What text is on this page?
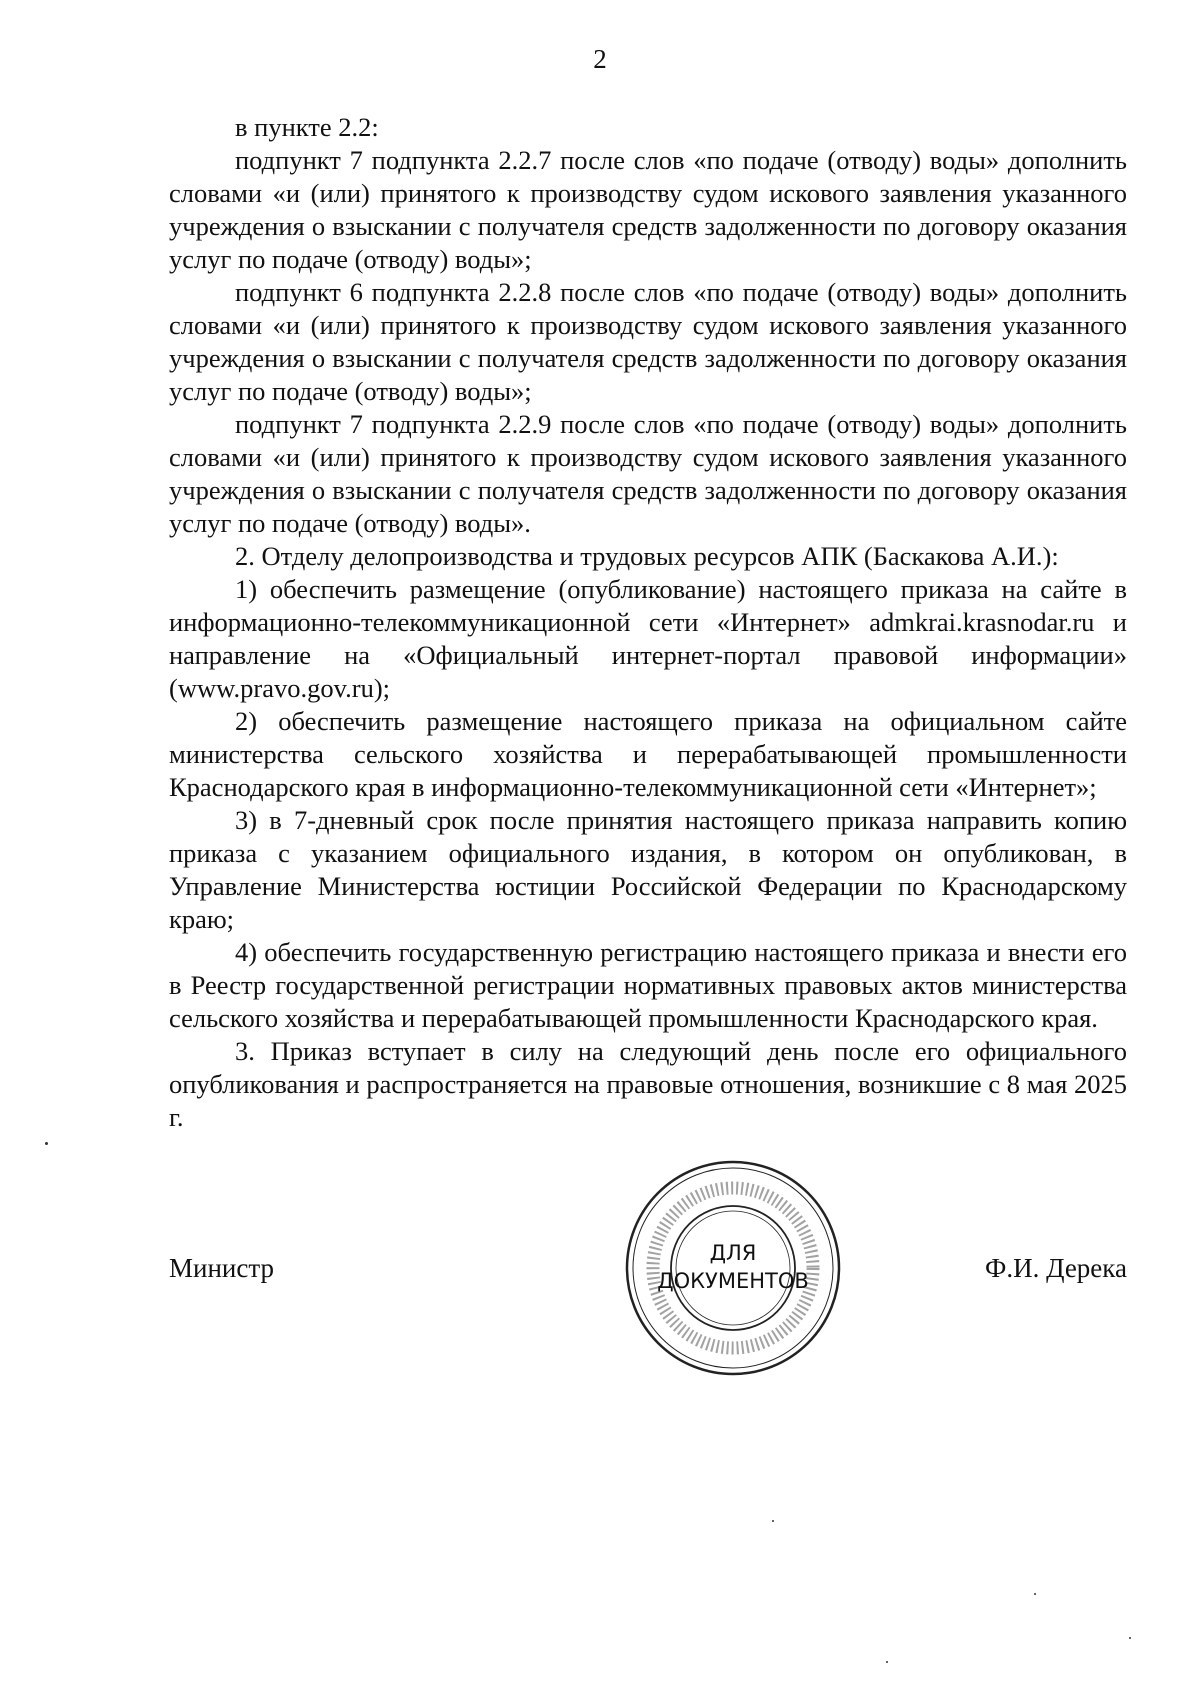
2

в пункте 2.2:

подпункт 7 подпункта 2.2.7 после слов «по подаче (отводу) воды» дополнить словами «и (или) принятого к производству судом искового заявления указанного учреждения о взыскании с получателя средств задолженности по договору оказания услуг по подаче (отводу) воды»;

подпункт 6 подпункта 2.2.8 после слов «по подаче (отводу) воды» дополнить словами «и (или) принятого к производству судом искового заявления указанного учреждения о взыскании с получателя средств задолженности по договору оказания услуг по подаче (отводу) воды»;

подпункт 7 подпункта 2.2.9 после слов «по подаче (отводу) воды» дополнить словами «и (или) принятого к производству судом искового заявления указанного учреждения о взыскании с получателя средств задолженности по договору оказания услуг по подаче (отводу) воды».

2. Отделу делопроизводства и трудовых ресурсов АПК (Баскакова А.И.):

1) обеспечить размещение (опубликование) настоящего приказа на сайте в информационно-телекоммуникационной сети «Интернет» admkrai.krasnodar.ru и направление на «Официальный интернет-портал правовой информации» (www.pravo.gov.ru);

2) обеспечить размещение настоящего приказа на официальном сайте министерства сельского хозяйства и перерабатывающей промышленности Краснодарского края в информационно-телекоммуникационной сети «Интернет»;

3) в 7-дневный срок после принятия настоящего приказа направить копию приказа с указанием официального издания, в котором он опубликован, в Управление Министерства юстиции Российской Федерации по Краснодарскому краю;

4) обеспечить государственную регистрацию настоящего приказа и внести его в Реестр государственной регистрации нормативных правовых актов министерства сельского хозяйства и перерабатывающей промышленности Краснодарского края.

3. Приказ вступает в силу на следующий день после его официального опубликования и распространяется на правовые отношения, возникшие с 8 мая 2025 г.

Министр	ДЛЯ
ДОКУМЕНТОВ	Ф.И. Дерека
